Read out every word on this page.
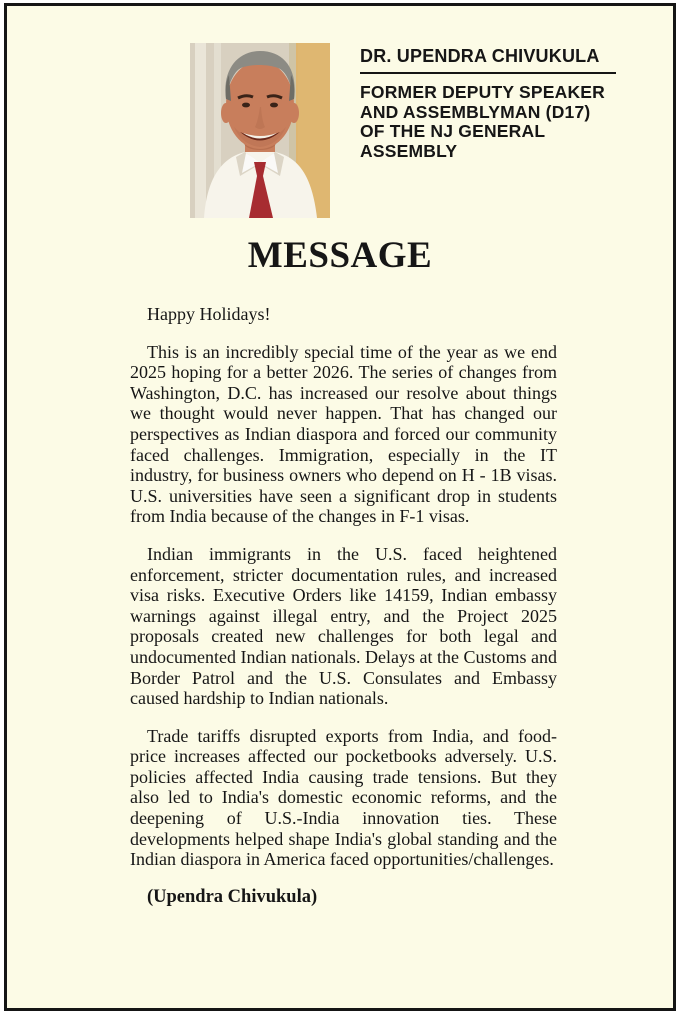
DR. UPENDRA CHIVUKULA
FORMER DEPUTY SPEAKER
AND ASSEMBLYMAN (D17)
OF THE NJ GENERAL
ASSEMBLY
MESSAGE

Happy Holidays!

This is an incredibly special time of the year as we end 2025 hoping for a better 2026. The series of changes from Washington, D.C. has increased our resolve about things we thought would never happen. That has changed our perspectives as Indian diaspora and forced our community faced challenges. Immigration, especially in the IT industry, for business owners who depend on H - 1B visas. U.S. universities have seen a significant drop in students from India because of the changes in F-1 visas.

Indian immigrants in the U.S. faced heightened enforcement, stricter documentation rules, and increased visa risks. Executive Orders like 14159, Indian embassy warnings against illegal entry, and the Project 2025 proposals created new challenges for both legal and undocumented Indian nationals. Delays at the Customs and Border Patrol and the U.S. Consulates and Embassy caused hardship to Indian nationals.

Trade tariffs disrupted exports from India, and food-price increases affected our pocketbooks adversely. U.S. policies affected India causing trade tensions. But they also led to India's domestic economic reforms, and the deepening of U.S.-India innovation ties. These developments helped shape India's global standing and the Indian diaspora in America faced opportunities/challenges.

(Upendra Chivukula)
